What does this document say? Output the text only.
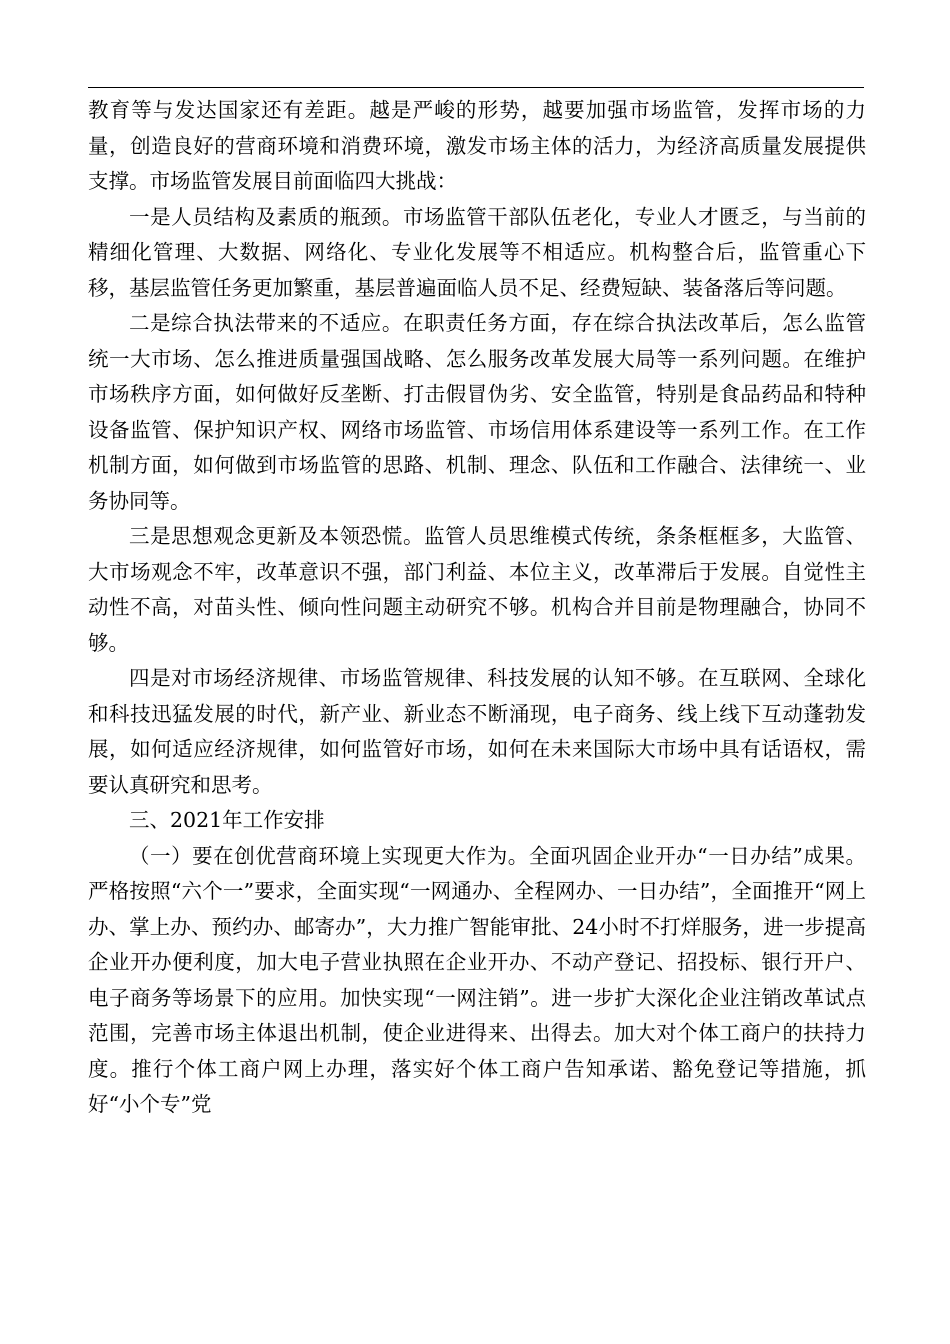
教育等与发达国家还有差距。越是严峻的形势，越要加强市场监管，发挥市场的力量，创造良好的营商环境和消费环境，激发市场主体的活力，为经济高质量发展提供支撑。市场监管发展目前面临四大挑战：

一是人员结构及素质的瓶颈。市场监管干部队伍老化，专业人才匮乏，与当前的精细化管理、大数据、网络化、专业化发展等不相适应。机构整合后，监管重心下移，基层监管任务更加繁重，基层普遍面临人员不足、经费短缺、装备落后等问题。

二是综合执法带来的不适应。在职责任务方面，存在综合执法改革后，怎么监管统一大市场、怎么推进质量强国战略、怎么服务改革发展大局等一系列问题。在维护市场秩序方面，如何做好反垄断、打击假冒伪劣、安全监管，特别是食品药品和特种设备监管、保护知识产权、网络市场监管、市场信用体系建设等一系列工作。在工作机制方面，如何做到市场监管的思路、机制、理念、队伍和工作融合、法律统一、业务协同等。

三是思想观念更新及本领恐慌。监管人员思维模式传统，条条框框多，大监管、大市场观念不牢，改革意识不强，部门利益、本位主义，改革滞后于发展。自觉性主动性不高，对苗头性、倾向性问题主动研究不够。机构合并目前是物理融合，协同不够。

四是对市场经济规律、市场监管规律、科技发展的认知不够。在互联网、全球化和科技迅猛发展的时代，新产业、新业态不断涌现，电子商务、线上线下互动蓬勃发展，如何适应经济规律，如何监管好市场，如何在未来国际大市场中具有话语权，需要认真研究和思考。

三、2021年工作安排

（一）要在创优营商环境上实现更大作为。全面巩固企业开办“一日办结”成果。严格按照“六个一”要求，全面实现“一网通办、全程网办、一日办结”，全面推开“网上办、掌上办、预约办、邮寄办”，大力推广智能审批、24小时不打烊服务，进一步提高企业开办便利度，加大电子营业执照在企业开办、不动产登记、招投标、银行开户、电子商务等场景下的应用。加快实现“一网注销”。进一步扩大深化企业注销改革试点范围，完善市场主体退出机制，使企业进得来、出得去。加大对个体工商户的扶持力度。推行个体工商户网上办理，落实好个体工商户告知承诺、豁免登记等措施，抓好“小个专”党
